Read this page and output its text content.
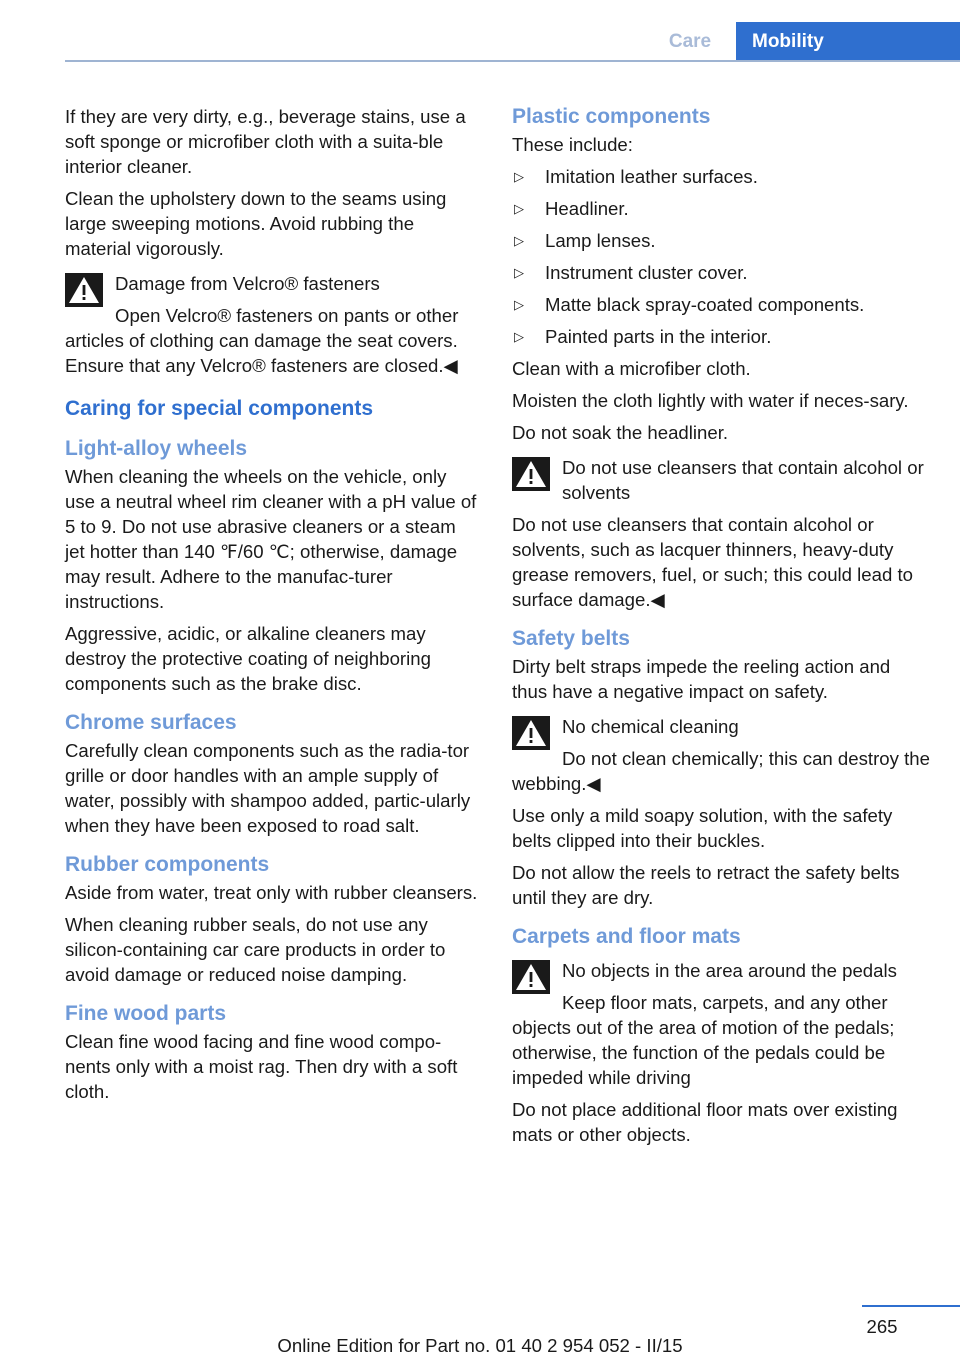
Care	Mobility

If they are very dirty, e.g., beverage stains, use a soft sponge or microfiber cloth with a suita-ble interior cleaner.

Clean the upholstery down to the seams using large sweeping motions. Avoid rubbing the material vigorously.

Damage from Velcro® fasteners

Open Velcro® fasteners on pants or other articles of clothing can damage the seat covers. Ensure that any Velcro® fasteners are closed.◀

Caring for special components
Light-alloy wheels

When cleaning the wheels on the vehicle, only use a neutral wheel rim cleaner with a pH value of 5 to 9. Do not use abrasive cleaners or a steam jet hotter than 140 ℉/60 ℃; otherwise, damage may result. Adhere to the manufac-turer instructions.

Aggressive, acidic, or alkaline cleaners may destroy the protective coating of neighboring components such as the brake disc.

Chrome surfaces

Carefully clean components such as the radia-tor grille or door handles with an ample supply of water, possibly with shampoo added, partic-ularly when they have been exposed to road salt.

Rubber components

Aside from water, treat only with rubber cleansers.

When cleaning rubber seals, do not use any silicon-containing car care products in order to avoid damage or reduced noise damping.

Fine wood parts

Clean fine wood facing and fine wood compo-nents only with a moist rag. Then dry with a soft cloth.

Plastic components

These include:

▷ Imitation leather surfaces.
▷ Headliner.
▷ Lamp lenses.
▷ Instrument cluster cover.
▷ Matte black spray-coated components.
▷ Painted parts in the interior.

Clean with a microfiber cloth.

Moisten the cloth lightly with water if neces-sary.

Do not soak the headliner.

Do not use cleansers that contain alcohol or solvents

Do not use cleansers that contain alcohol or solvents, such as lacquer thinners, heavy-duty grease removers, fuel, or such; this could lead to surface damage.◀

Safety belts

Dirty belt straps impede the reeling action and thus have a negative impact on safety.

No chemical cleaning

Do not clean chemically; this can destroy the webbing.◀

Use only a mild soapy solution, with the safety belts clipped into their buckles.

Do not allow the reels to retract the safety belts until they are dry.

Carpets and floor mats

No objects in the area around the pedals

Keep floor mats, carpets, and any other objects out of the area of motion of the pedals; otherwise, the function of the pedals could be impeded while driving

Do not place additional floor mats over existing mats or other objects.

265
Online Edition for Part no. 01 40 2 954 052 - II/15
